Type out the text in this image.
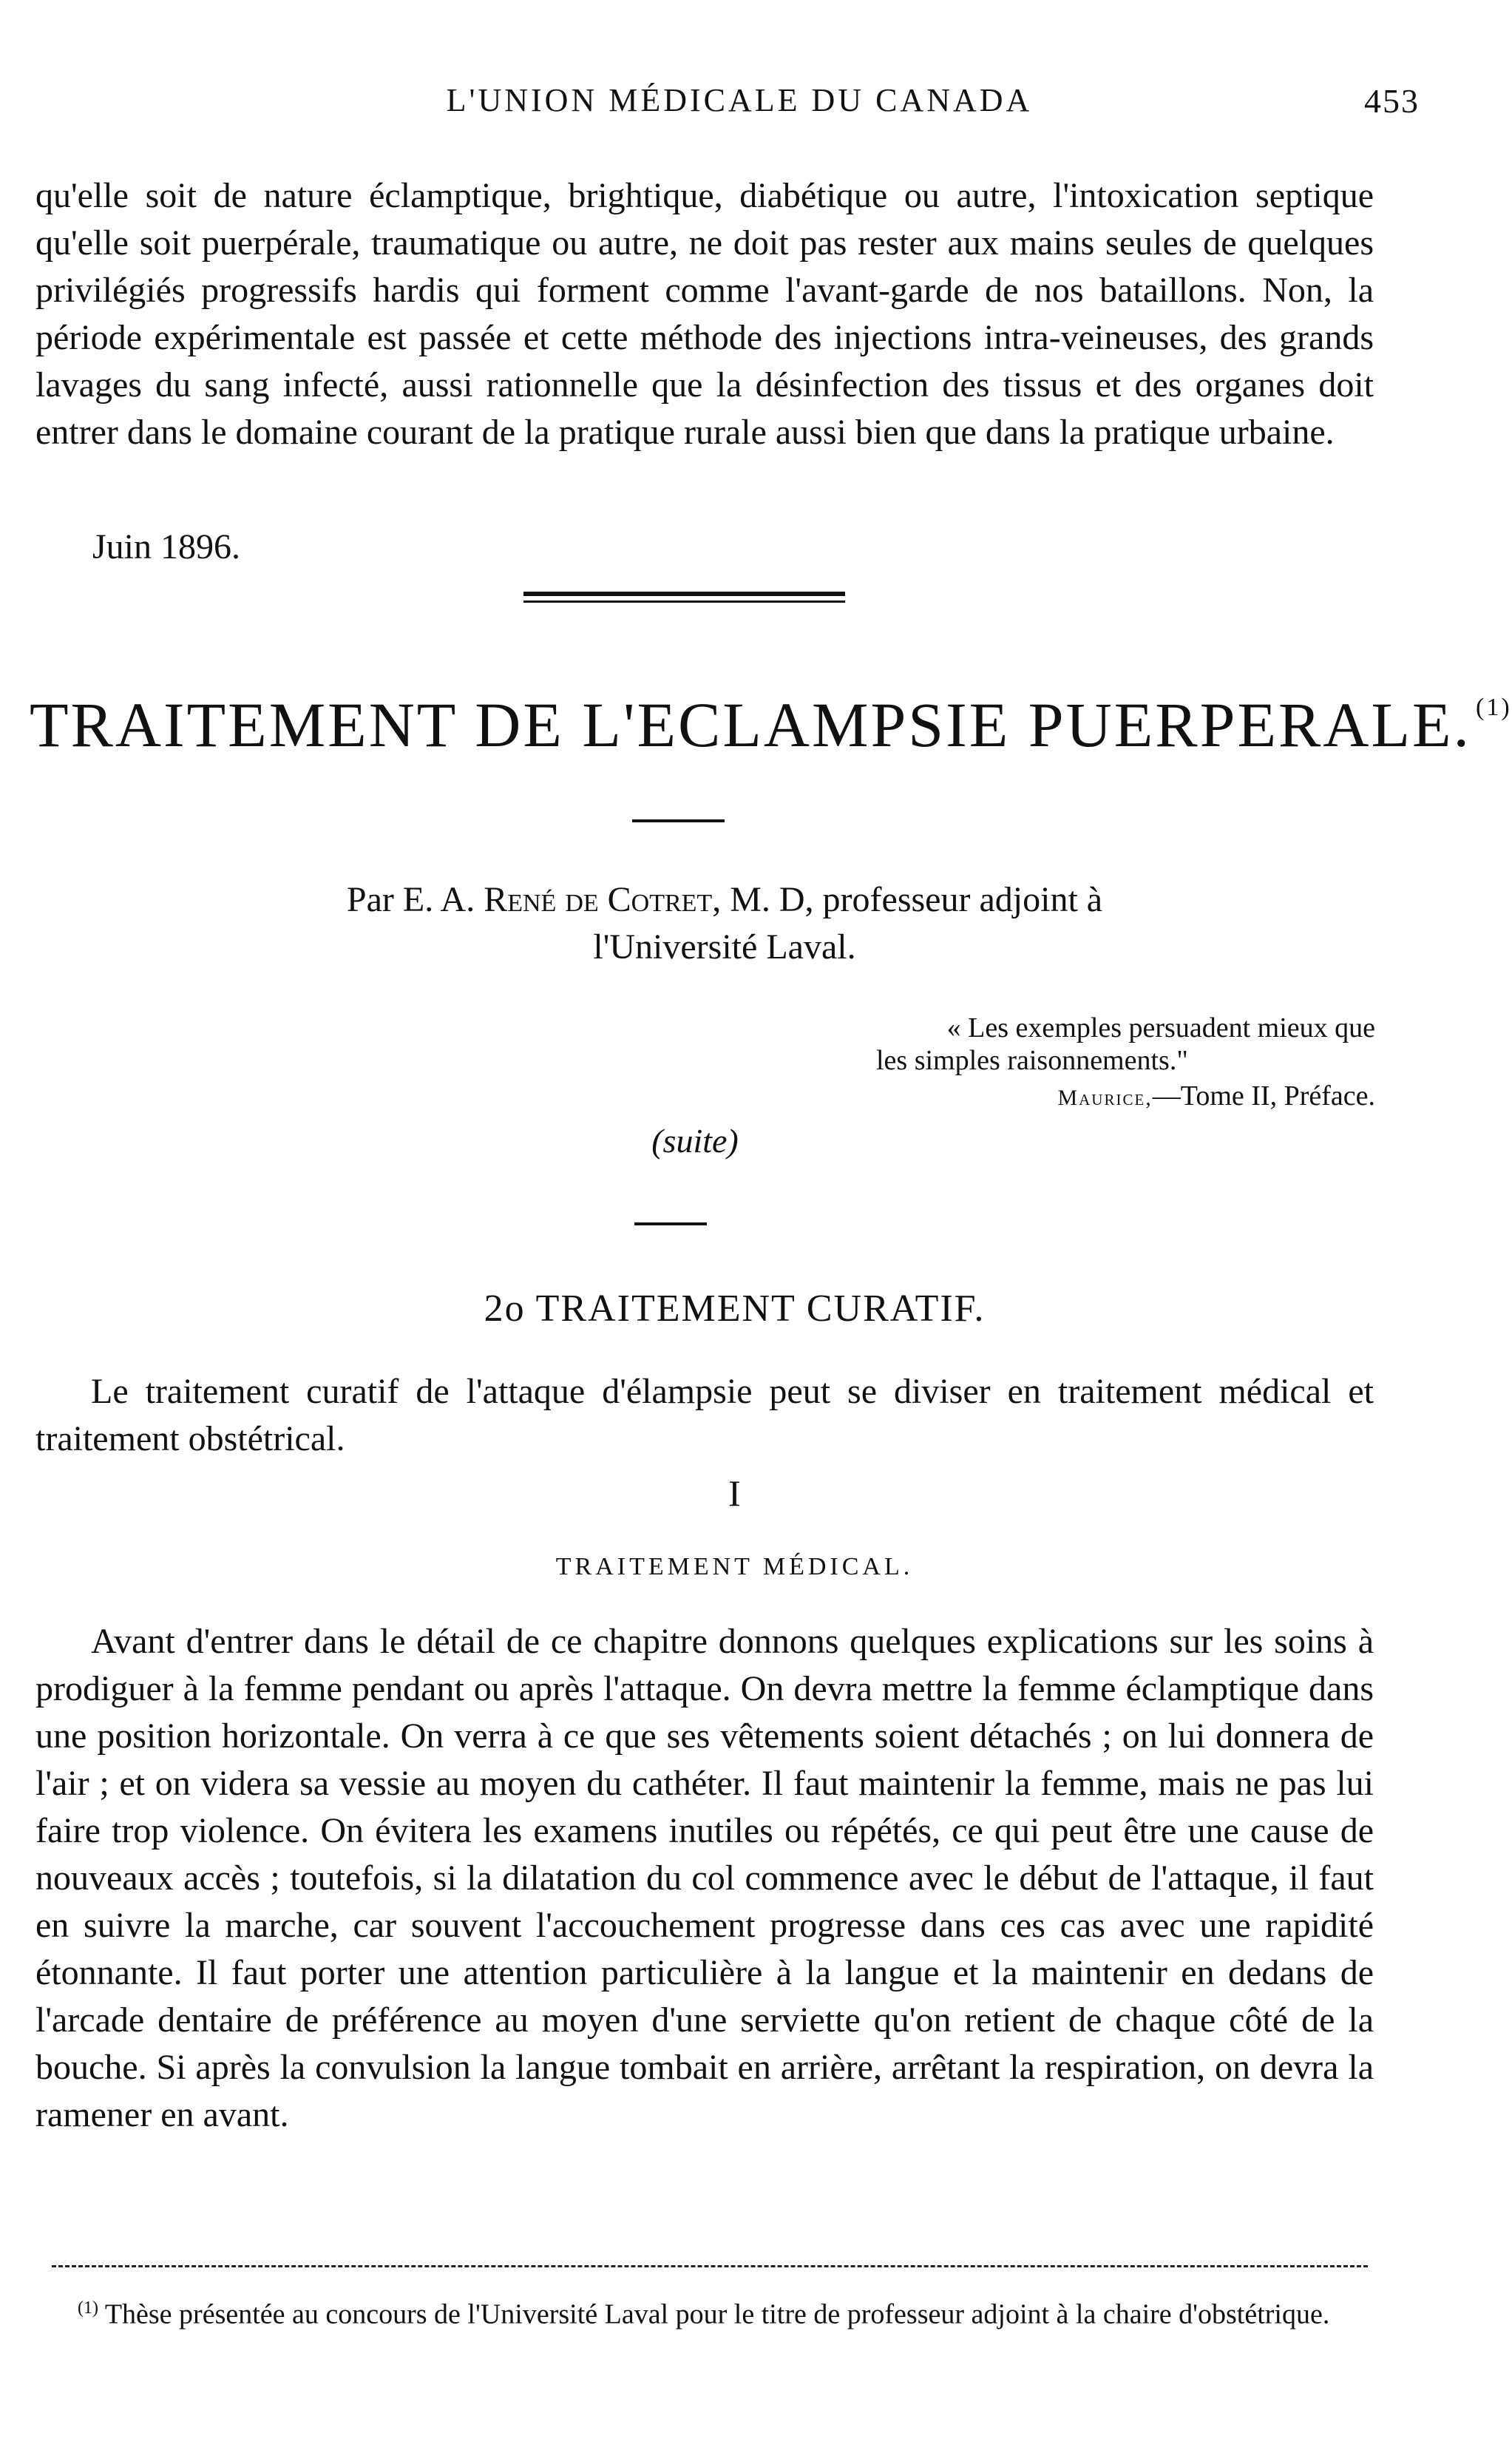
L'UNION MÉDICALE DU CANADA	453

qu'elle soit de nature éclamptique, brightique, diabétique ou autre, l'intoxication septique qu'elle soit puerpérale, traumatique ou autre, ne doit pas rester aux mains seules de quelques privilégiés progressifs hardis qui forment comme l'avant-garde de nos bataillons. Non, la période expérimentale est passée et cette méthode des injections intra-veineuses, des grands lavages du sang infecté, aussi rationnelle que la désinfection des tissus et des organes doit entrer dans le domaine courant de la pratique rurale aussi bien que dans la pratique urbaine.

Juin 1896.
TRAITEMENT DE L'ECLAMPSIE PUERPERALE. $^{(1)}$
Par E. A. René de Cotret, M. D, professeur adjoint à
l'Université Laval.
« Les exemples persuadent mieux que
les simples raisonnements."
Maurice,—Tome II, Préface.
(suite)
2o TRAITEMENT CURATIF.

Le traitement curatif de l'attaque d'élampsie peut se diviser en traitement médical et traitement obstétrical.

I
TRAITEMENT MÉDICAL.

Avant d'entrer dans le détail de ce chapitre donnons quelques explications sur les soins à prodiguer à la femme pendant ou après l'attaque. On devra mettre la femme éclamptique dans une position horizontale. On verra à ce que ses vêtements soient détachés ; on lui donnera de l'air ; et on videra sa vessie au moyen du cathéter. Il faut maintenir la femme, mais ne pas lui faire trop violence. On évitera les examens inutiles ou répétés, ce qui peut être une cause de nouveaux accès ; toutefois, si la dilatation du col commence avec le début de l'attaque, il faut en suivre la marche, car souvent l'accouchement progresse dans ces cas avec une rapidité étonnante. Il faut porter une attention particulière à la langue et la maintenir en dedans de l'arcade dentaire de préférence au moyen d'une serviette qu'on retient de chaque côté de la bouche. Si après la convulsion la langue tombait en arrière, arrêtant la respiration, on devra la ramener en avant.

$^{(1)}$ Thèse présentée au concours de l'Université Laval pour le titre de professeur adjoint à la chaire d'obstétrique.
